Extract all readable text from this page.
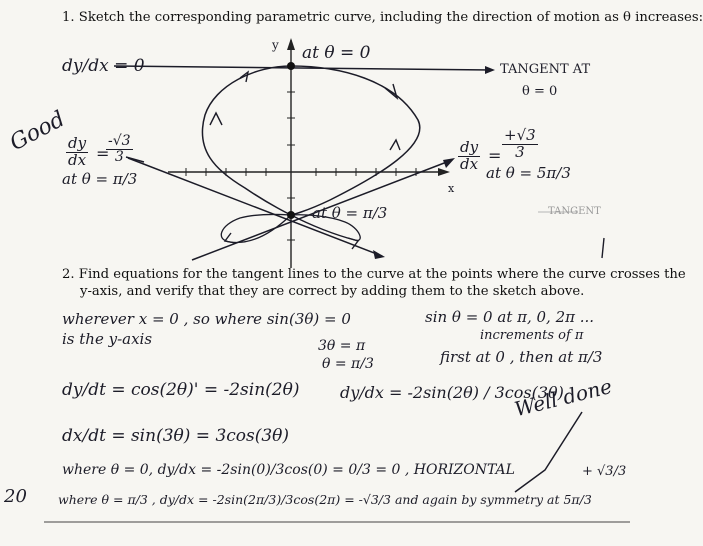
1. Sketch the corresponding parametric curve, including the direction of motion as θ increases:
y
x
at θ = 0
TANGENT AT
θ = 0
dy/dx = 0
Good
$\frac{dy}{dx}$ =
$\frac{-√3}{3}$
at θ = π/3
$\frac{dy}{dx} = \frac{+√3}{3}$
at θ = 5π/3
at θ = π/3	TANGENT
2. Find equations for the tangent lines to the curve at the points where the curve crosses the
y-axis, and verify that they are correct by adding them to the sketch above.
wherever x = 0 , so where sin(3θ) = 0	sin θ = 0 at π, 0, 2π ...
is the y-axis	increments of π
3θ = π
θ = π/3	first at 0 , then at π/3
dy/dt = cos(2θ)' = -2sin(2θ)	dy/dx = -2sin(2θ) / 3cos(3θ)
dx/dt = sin(3θ) = 3cos(3θ)
Well done
where θ = 0, dy/dx = -2sin(0)/3cos(0) = 0/3 = 0 , HORIZONTAL
where θ = π/3 , dy/dx = -2sin(2π/3)/3cos(2π) = -√3/3 and again by symmetry at 5π/3
+ √3/3
20
